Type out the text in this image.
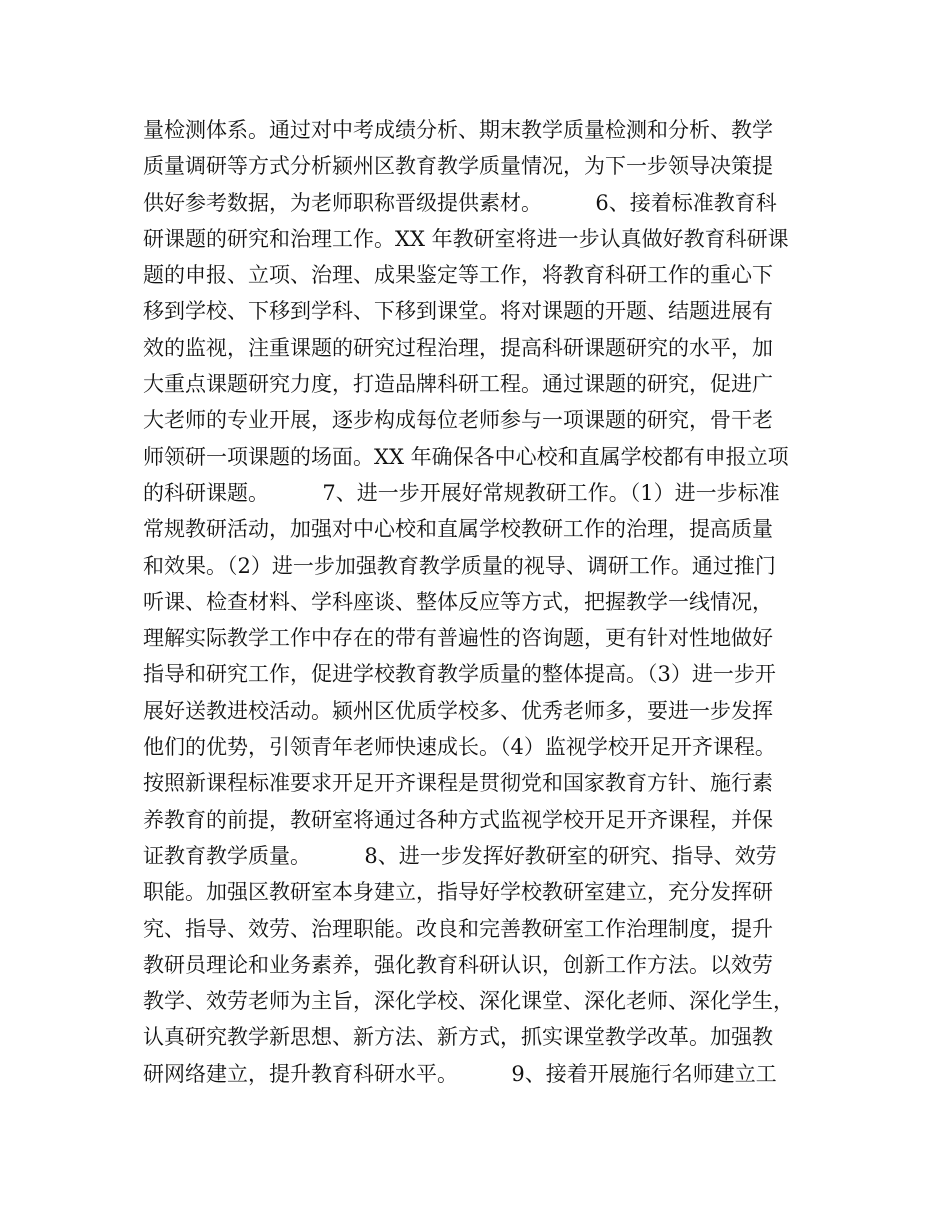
量检测体系。通过对中考成绩分析、期末教学质量检测和分析、教学
质量调研等方式分析颍州区教育教学质量情况，为下一步领导决策提
供好参考数据，为老师职称晋级提供素材。        6、接着标准教育科
研课题的研究和治理工作。XX 年教研室将进一步认真做好教育科研课
题的申报、立项、治理、成果鉴定等工作，将教育科研工作的重心下
移到学校、下移到学科、下移到课堂。将对课题的开题、结题进展有
效的监视，注重课题的研究过程治理，提高科研课题研究的水平，加
大重点课题研究力度，打造品牌科研工程。通过课题的研究，促进广
大老师的专业开展，逐步构成每位老师参与一项课题的研究，骨干老
师领研一项课题的场面。XX 年确保各中心校和直属学校都有申报立项
的科研课题。        7、进一步开展好常规教研工作。（1）进一步标准
常规教研活动，加强对中心校和直属学校教研工作的治理，提高质量
和效果。（2）进一步加强教育教学质量的视导、调研工作。通过推门
听课、检查材料、学科座谈、整体反应等方式，把握教学一线情况，
理解实际教学工作中存在的带有普遍性的咨询题，更有针对性地做好
指导和研究工作，促进学校教育教学质量的整体提高。（3）进一步开
展好送教进校活动。颍州区优质学校多、优秀老师多，要进一步发挥
他们的优势，引领青年老师快速成长。（4）监视学校开足开齐课程。
按照新课程标准要求开足开齐课程是贯彻党和国家教育方针、施行素
养教育的前提，教研室将通过各种方式监视学校开足开齐课程，并保
证教育教学质量。        8、进一步发挥好教研室的研究、指导、效劳
职能。加强区教研室本身建立，指导好学校教研室建立，充分发挥研
究、指导、效劳、治理职能。改良和完善教研室工作治理制度，提升
教研员理论和业务素养，强化教育科研认识，创新工作方法。以效劳
教学、效劳老师为主旨，深化学校、深化课堂、深化老师、深化学生，
认真研究教学新思想、新方法、新方式，抓实课堂教学改革。加强教
研网络建立，提升教育科研水平。        9、接着开展施行名师建立工
